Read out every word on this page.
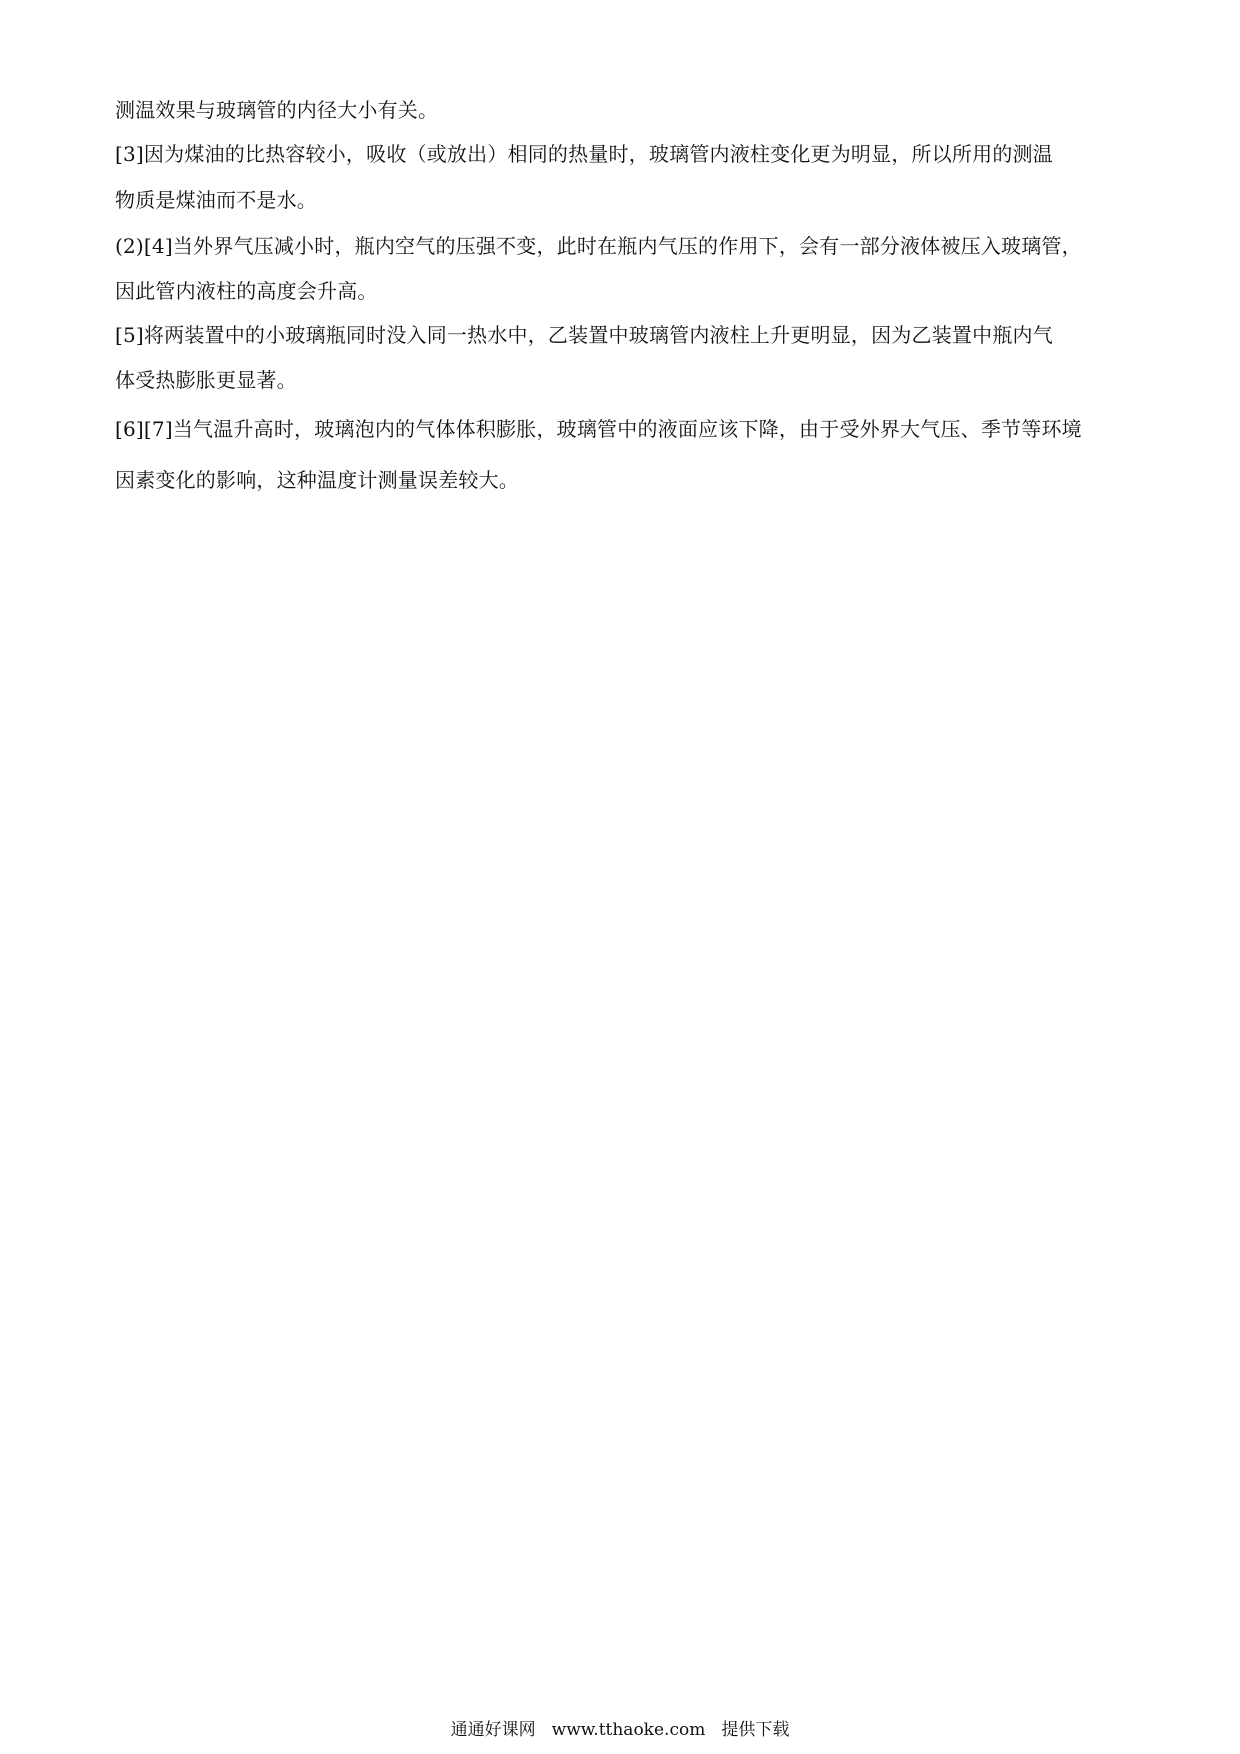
测温效果与玻璃管的内径大小有关。
[3]因为煤油的比热容较小，吸收（或放出）相同的热量时，玻璃管内液柱变化更为明显，所以所用的测温
物质是煤油而不是水。
(2)[4]当外界气压减小时，瓶内空气的压强不变，此时在瓶内气压的作用下，会有一部分液体被压入玻璃管，
因此管内液柱的高度会升高。
[5]将两装置中的小玻璃瓶同时没入同一热水中，乙装置中玻璃管内液柱上升更明显，因为乙装置中瓶内气
体受热膨胀更显著。
[6][7]当气温升高时，玻璃泡内的气体体积膨胀，玻璃管中的液面应该下降，由于受外界大气压、季节等环境
因素变化的影响，这种温度计测量误差较大。
通通好课网 www.tthaoke.com 提供下载
